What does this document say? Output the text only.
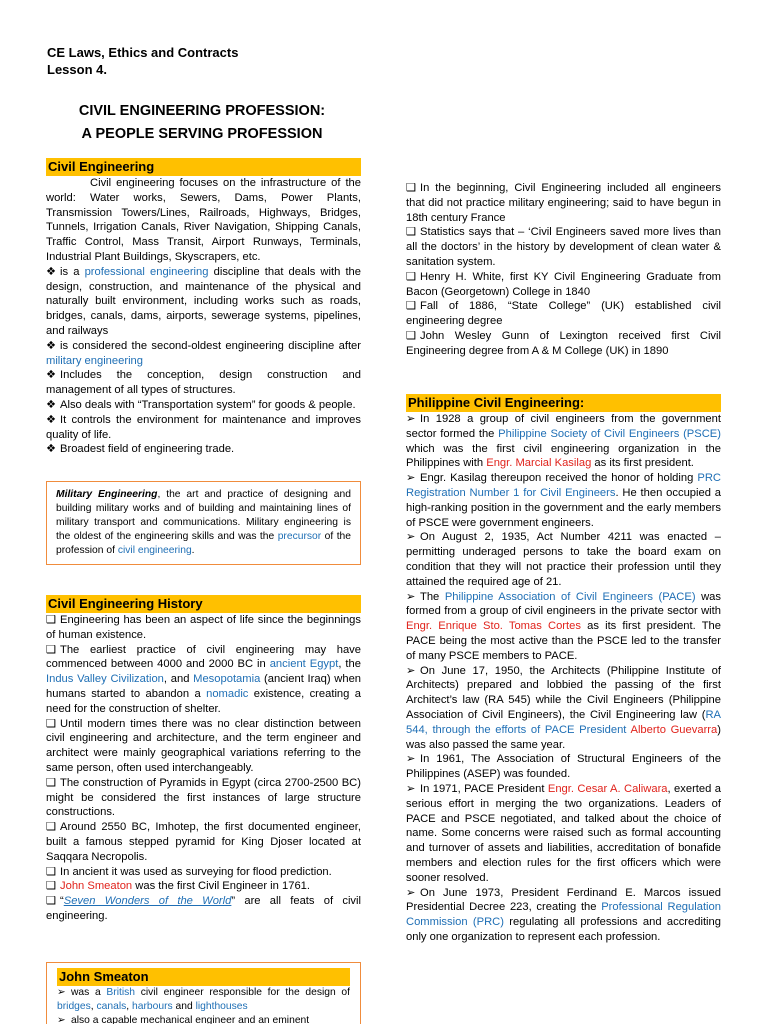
CE Laws, Ethics and Contracts
Lesson 4.
CIVIL ENGINEERING PROFESSION:
A PEOPLE SERVING PROFESSION
Civil Engineering

Civil engineering focuses on the infrastructure of the world: Water works, Sewers, Dams, Power Plants, Transmission Towers/Lines, Railroads, Highways, Bridges, Tunnels, Irrigation Canals, River Navigation, Shipping Canals, Traffic Control, Mass Transit, Airport Runways, Terminals, Industrial Plant Buildings, Skyscrapers, etc.

❖ is a professional engineering discipline that deals with the design, construction, and maintenance of the physical and naturally built environment, including works such as roads, bridges, canals, dams, airports, sewerage systems, pipelines, and railways

❖ is considered the second-oldest engineering discipline after military engineering

❖ Includes the conception, design construction and management of all types of structures.

❖ Also deals with “Transportation system” for goods & people.

❖ It controls the environment for maintenance and improves quality of life.

❖ Broadest field of engineering trade.

Military Engineering, the art and practice of designing and building military works and of building and maintaining lines of military transport and communications. Military engineering is the oldest of the engineering skills and was the precursor of the profession of civil engineering.
Civil Engineering History

❑ Engineering has been an aspect of life since the beginnings of human existence.

❑ The earliest practice of civil engineering may have commenced between 4000 and 2000 BC in ancient Egypt, the Indus Valley Civilization, and Mesopotamia (ancient Iraq) when humans started to abandon a nomadic existence, creating a need for the construction of shelter.

❑ Until modern times there was no clear distinction between civil engineering and architecture, and the term engineer and architect were mainly geographical variations referring to the same person, often used interchangeably.

❑ The construction of Pyramids in Egypt (circa 2700-2500 BC) might be considered the first instances of large structure constructions.

❑ Around 2550 BC, Imhotep, the first documented engineer, built a famous stepped pyramid for King Djoser located at Saqqara Necropolis.

❑ In ancient it was used as surveying for flood prediction.

❑ John Smeaton was the first Civil Engineer in 1761.

❑ “Seven Wonders of the World” are all feats of civil engineering.

John Smeaton

➢ was a British civil engineer responsible for the design of bridges, canals, harbours and lighthouses

➢ also a capable mechanical engineer and an eminent

❑ In the beginning, Civil Engineering included all engineers that did not practice military engineering; said to have begun in 18th century France

❑ Statistics says that – ‘Civil Engineers saved more lives than all the doctors’ in the history by development of clean water & sanitation system.

❑ Henry H. White, first KY Civil Engineering Graduate from Bacon (Georgetown) College in 1840

❑ Fall of 1886, “State College” (UK) established civil engineering degree

❑ John Wesley Gunn of Lexington received first Civil Engineering degree from A & M College (UK) in 1890

Philippine Civil Engineering:

➢ In 1928 a group of civil engineers from the government sector formed the Philippine Society of Civil Engineers (PSCE) which was the first civil engineering organization in the Philippines with Engr. Marcial Kasilag as its first president.

➢ Engr. Kasilag thereupon received the honor of holding PRC Registration Number 1 for Civil Engineers. He then occupied a high-ranking position in the government and the early members of PSCE were government engineers.

➢ On August 2, 1935, Act Number 4211 was enacted – permitting underaged persons to take the board exam on condition that they will not practice their profession until they attained the required age of 21.

➢ The Philippine Association of Civil Engineers (PACE) was formed from a group of civil engineers in the private sector with Engr. Enrique Sto. Tomas Cortes as its first president. The PACE being the most active than the PSCE led to the transfer of many PSCE members to PACE.

➢ On June 17, 1950, the Architects (Philippine Institute of Architects) prepared and lobbied the passing of the first Architect’s law (RA 545) while the Civil Engineers (Philippine Association of Civil Engineers), the Civil Engineering law (RA 544, through the efforts of PACE President Alberto Guevarra) was also passed the same year.

➢ In 1961, The Association of Structural Engineers of the Philippines (ASEP) was founded.

➢ In 1971, PACE President Engr. Cesar A. Caliwara, exerted a serious effort in merging the two organizations. Leaders of PACE and PSCE negotiated, and talked about the choice of name. Some concerns were raised such as formal accounting and turnover of assets and liabilities, accreditation of bonafide members and election rules for the first officers which were sooner resolved.

➢ On June 1973, President Ferdinand E. Marcos issued Presidential Decree 223, creating the Professional Regulation Commission (PRC) regulating all professions and accrediting only one organization to represent each profession.
